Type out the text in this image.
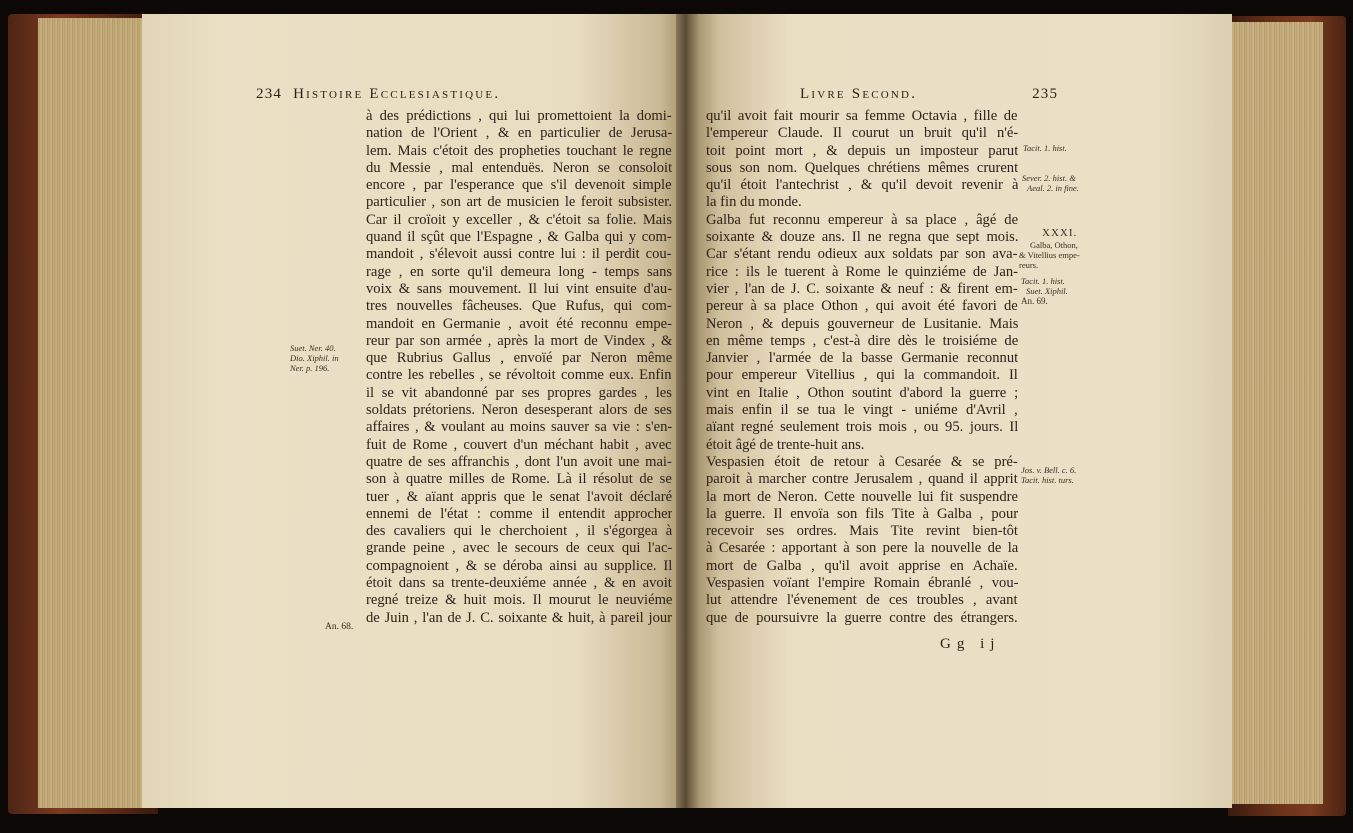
234 Histoire Ecclesiastique.	Livre Second.	235
à des prédictions , qui lui promettoient la domi-
nation de l'Orient , & en particulier de Jerusa-
lem. Mais c'étoit des propheties touchant le regne
du Messie , mal entenduës. Neron se consoloit
encore , par l'esperance que s'il devenoit simple
particulier , son art de musicien le feroit subsister.
Car il croïoit y exceller , & c'étoit sa folie. Mais
quand il sçût que l'Espagne , & Galba qui y com-
mandoit , s'élevoit aussi contre lui : il perdit cou-
rage , en sorte qu'il demeura long - temps sans
voix & sans mouvement. Il lui vint ensuite d'au-
tres nouvelles fâcheuses. Que Rufus, qui com-
mandoit en Germanie , avoit été reconnu empe-
reur par son armée , après la mort de Vindex , &
que Rubrius Gallus , envoïé par Neron même
contre les rebelles , se révoltoit comme eux. Enfin
il se vit abandonné par ses propres gardes , les
soldats prétoriens. Neron desesperant alors de ses
affaires , & voulant au moins sauver sa vie : s'en-
fuit de Rome , couvert d'un méchant habit , avec
quatre de ses affranchis , dont l'un avoit une mai-
son à quatre milles de Rome. Là il résolut de se
tuer , & aïant appris que le senat l'avoit déclaré
ennemi de l'état : comme il entendit approcher
des cavaliers qui le cherchoient , il s'égorgea à
grande peine , avec le secours de ceux qui l'ac-
compagnoient , & se déroba ainsi au supplice. Il
étoit dans sa trente-deuxiéme année , & en avoit
regné treize & huit mois. Il mourut le neuviéme
de Juin , l'an de J. C. soixante & huit, à pareil jour
qu'il avoit fait mourir sa femme Octavia , fille de
l'empereur Claude. Il courut un bruit qu'il n'é-
toit point mort , & depuis un imposteur parut
sous son nom. Quelques chrétiens mêmes crurent
qu'il étoit l'antechrist , & qu'il devoit revenir à
la fin du monde.
Galba fut reconnu empereur à sa place , âgé de
soixante & douze ans. Il ne regna que sept mois.
Car s'étant rendu odieux aux soldats par son ava-
rice : ils le tuerent à Rome le quinziéme de Jan-
vier , l'an de J. C. soixante & neuf : & firent em-
pereur à sa place Othon , qui avoit été favori de
Neron , & depuis gouverneur de Lusitanie. Mais
en même temps , c'est-à dire dès le troisiéme de
Janvier , l'armée de la basse Germanie reconnut
pour empereur Vitellius , qui la commandoit. Il
vint en Italie , Othon soutint d'abord la guerre ;
mais enfin il se tua le vingt - uniéme d'Avril ,
aïant regné seulement trois mois , ou 95. jours. Il
étoit âgé de trente-huit ans.
Vespasien étoit de retour à Cesarée & se pré-
paroit à marcher contre Jerusalem , quand il apprit
la mort de Neron. Cette nouvelle lui fit suspendre
la guerre. Il envoïa son fils Tite à Galba , pour
recevoir ses ordres. Mais Tite revint bien-tôt
à Cesarée : apportant à son pere la nouvelle de la
mort de Galba , qu'il avoit apprise en Achaïe.
Vespasien voïant l'empire Romain ébranlé , vou-
lut attendre l'évenement de ces troubles , avant
que de poursuivre la guerre contre des étrangers.
Suet. Ner. 40.
Dio. Xiphil. in
Ner. p. 196.
An. 68.
Tacit. 1. hist.
Sever. 2. hist. &
Aeal. 2. in fine.
XXXI.
Galba, Othon,
& Vitellius empe-
reurs.
Tacit. 1. hist.
Suet. Xiphil.
An. 69.
Jos. v. Bell. c. 6.
Tacit. hist. turs.
Gg ij
